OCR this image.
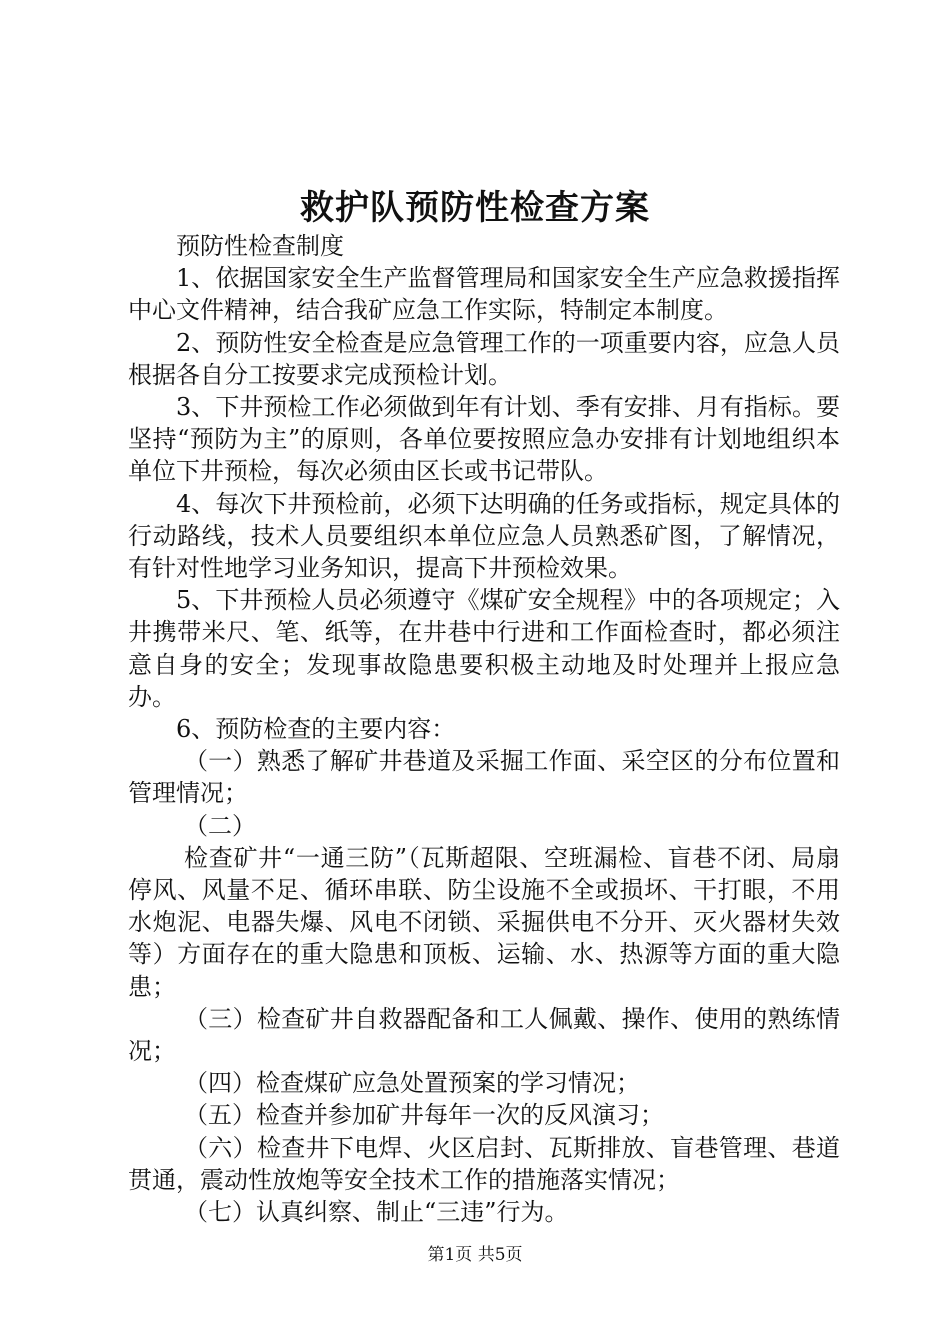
救护队预防性检查方案

预防性检查制度

1、依据国家安全生产监督管理局和国家安全生产应急救援指挥中心文件精神，结合我矿应急工作实际，特制定本制度。

2、预防性安全检查是应急管理工作的一项重要内容，应急人员根据各自分工按要求完成预检计划。

3、下井预检工作必须做到年有计划、季有安排、月有指标。要坚持“预防为主”的原则，各单位要按照应急办安排有计划地组织本单位下井预检，每次必须由区长或书记带队。

4、每次下井预检前，必须下达明确的任务或指标，规定具体的行动路线，技术人员要组织本单位应急人员熟悉矿图，了解情况，有针对性地学习业务知识，提高下井预检效果。

5、下井预检人员必须遵守《煤矿安全规程》中的各项规定；入井携带米尺、笔、纸等，在井巷中行进和工作面检查时，都必须注意自身的安全；发现事故隐患要积极主动地及时处理并上报应急办。

6、预防检查的主要内容：

（一）熟悉了解矿井巷道及采掘工作面、采空区的分布位置和管理情况；

（二）

检查矿井“一通三防”（瓦斯超限、空班漏检、盲巷不闭、局扇停风、风量不足、循环串联、防尘设施不全或损坏、干打眼，不用水炮泥、电器失爆、风电不闭锁、采掘供电不分开、灭火器材失效等）方面存在的重大隐患和顶板、运输、水、热源等方面的重大隐患；

（三）检查矿井自救器配备和工人佩戴、操作、使用的熟练情况；

（四）检查煤矿应急处置预案的学习情况；

（五）检查并参加矿井每年一次的反风演习；

（六）检查井下电焊、火区启封、瓦斯排放、盲巷管理、巷道贯通，震动性放炮等安全技术工作的措施落实情况；

（七）认真纠察、制止“三违”行为。

第1页 共5页
